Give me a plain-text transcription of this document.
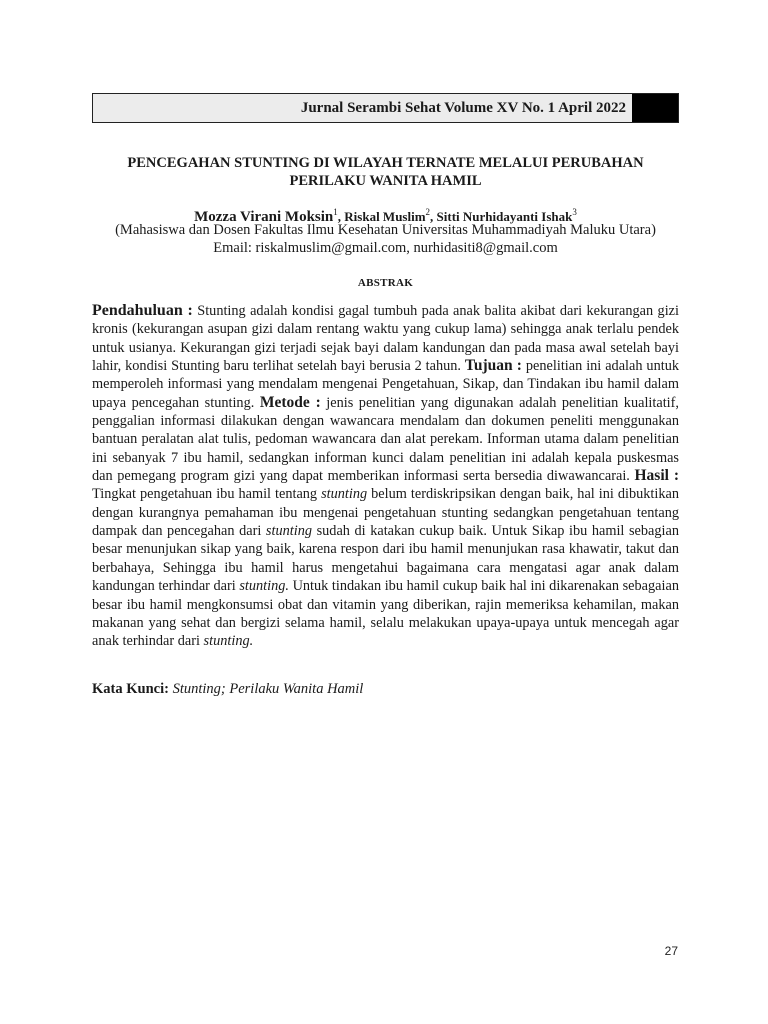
Jurnal Serambi Sehat Volume XV No. 1 April 2022
PENCEGAHAN STUNTING DI WILAYAH TERNATE MELALUI PERUBAHAN
PERILAKU WANITA HAMIL
Mozza Virani Moksin$^1$, Riskal Muslim$^2$, Sitti Nurhidayanti Ishak$^3$
(Mahasiswa dan Dosen Fakultas Ilmu Kesehatan Universitas Muhammadiyah Maluku Utara)
Email: riskalmuslim@gmail.com, nurhidasiti8@gmail.com
ABSTRAK

Pendahuluan : Stunting adalah kondisi gagal tumbuh pada anak balita akibat dari kekurangan gizi kronis (kekurangan asupan gizi dalam rentang waktu yang cukup lama) sehingga anak terlalu pendek untuk usianya. Kekurangan gizi terjadi sejak bayi dalam kandungan dan pada masa awal setelah bayi lahir, kondisi Stunting baru terlihat setelah bayi berusia 2 tahun. Tujuan : penelitian ini adalah untuk memperoleh informasi yang mendalam mengenai Pengetahuan, Sikap, dan Tindakan ibu hamil dalam upaya pencegahan stunting. Metode : jenis penelitian yang digunakan adalah penelitian kualitatif, penggalian informasi dilakukan dengan wawancara mendalam dan dokumen peneliti menggunakan bantuan peralatan alat tulis, pedoman wawancara dan alat perekam. Informan utama dalam penelitian ini sebanyak 7 ibu hamil, sedangkan informan kunci dalam penelitian ini adalah kepala puskesmas dan pemegang program gizi yang dapat memberikan informasi serta bersedia diwawancarai. Hasil : Tingkat pengetahuan ibu hamil tentang stunting belum terdiskripsikan dengan baik, hal ini dibuktikan dengan kurangnya pemahaman ibu mengenai pengetahuan stunting sedangkan pengetahuan tentang dampak dan pencegahan dari stunting sudah di katakan cukup baik. Untuk Sikap ibu hamil sebagian besar menunjukan sikap yang baik, karena respon dari ibu hamil menunjukan rasa khawatir, takut dan berbahaya, Sehingga ibu hamil harus mengetahui bagaimana cara mengatasi agar anak dalam kandungan terhindar dari stunting. Untuk tindakan ibu hamil cukup baik hal ini dikarenakan sebagaian besar ibu hamil mengkonsumsi obat dan vitamin yang diberikan, rajin memeriksa kehamilan, makan makanan yang sehat dan bergizi selama hamil, selalu melakukan upaya-upaya untuk mencegah agar anak terhindar dari stunting.

Kata Kunci: Stunting; Perilaku Wanita Hamil
27
